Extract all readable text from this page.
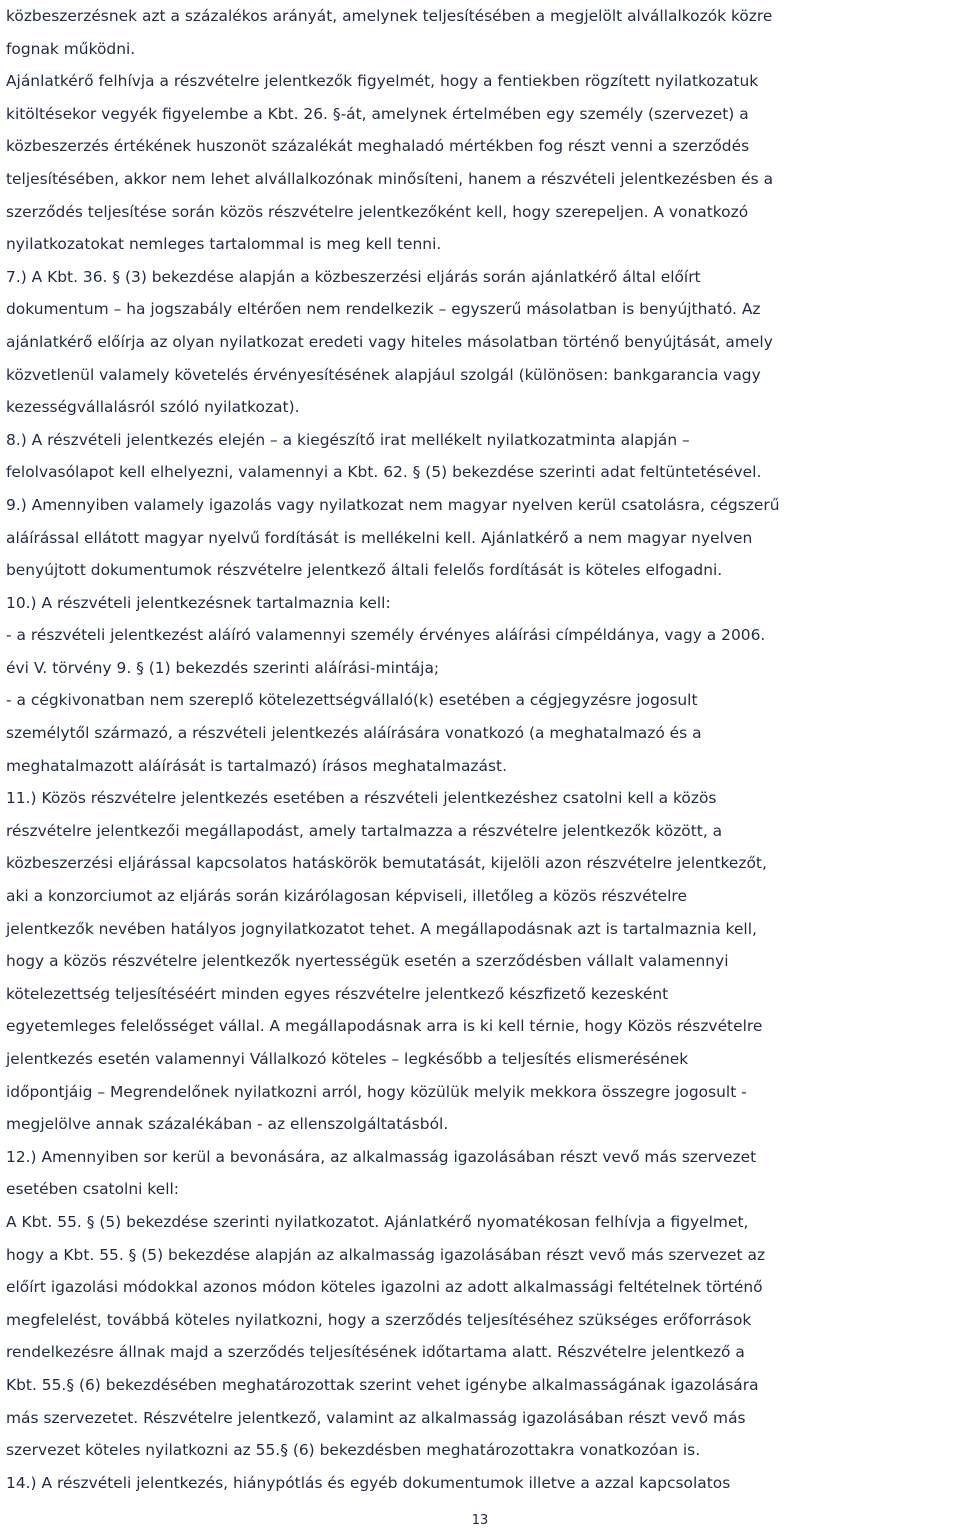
közbeszerzésnek azt a százalékos arányát, amelynek teljesítésében a megjelölt alvállalkozók közre fognak működni. Ajánlatkérő felhívja a részvételre jelentkezők figyelmét, hogy a fentiekben rögzített nyilatkozatuk kitöltésekor vegyék figyelembe a Kbt. 26. §-át, amelynek értelmében egy személy (szervezet) a közbeszerzés értékének huszonöt százalékát meghaladó mértékben fog részt venni a szerződés teljesítésében, akkor nem lehet alvállalkozónak minősíteni, hanem a részvételi jelentkezésben és a szerződés teljesítése során közös részvételre jelentkezőként kell, hogy szerepeljen. A vonatkozó nyilatkozatokat nemleges tartalommal is meg kell tenni. 7.) A Kbt. 36. § (3) bekezdése alapján a közbeszerzési eljárás során ajánlatkérő által előírt dokumentum – ha jogszabály eltérően nem rendelkezik – egyszerű másolatban is benyújtható. Az ajánlatkérő előírja az olyan nyilatkozat eredeti vagy hiteles másolatban történő benyújtását, amely közvetlenül valamely követelés érvényesítésének alapjául szolgál (különösen: bankgarancia vagy kezességvállalásról szóló nyilatkozat). 8.) A részvételi jelentkezés elején – a kiegészítő irat mellékelt nyilatkozatminta alapján – felolvasólapot kell elhelyezni, valamennyi a Kbt. 62. § (5) bekezdése szerinti adat feltüntetésével. 9.) Amennyiben valamely igazolás vagy nyilatkozat nem magyar nyelven kerül csatolásra, cégszerű aláírással ellátott magyar nyelvű fordítását is mellékelni kell. Ajánlatkérő a nem magyar nyelven benyújtott dokumentumok részvételre jelentkező általi felelős fordítását is köteles elfogadni. 10.) A részvételi jelentkezésnek tartalmaznia kell: - a részvételi jelentkezést aláíró valamennyi személy érvényes aláírási címpéldánya, vagy a 2006. évi V. törvény 9. § (1) bekezdés szerinti aláírási-mintája; - a cégkivonatban nem szereplő kötelezettségvállaló(k) esetében a cégjegyzésre jogosult személytől származó, a részvételi jelentkezés aláírására vonatkozó (a meghatalmazó és a meghatalmazott aláírását is tartalmazó) írásos meghatalmazást. 11.) Közös részvételre jelentkezés esetében a részvételi jelentkezéshez csatolni kell a közös részvételre jelentkezői megállapodást, amely tartalmazza a részvételre jelentkezők között, a közbeszerzési eljárással kapcsolatos hatáskörök bemutatását, kijelöli azon részvételre jelentkezőt, aki a konzorciumot az eljárás során kizárólagosan képviseli, illetőleg a közös részvételre jelentkezők nevében hatályos jognyilatkozatot tehet. A megállapodásnak azt is tartalmaznia kell, hogy a közös részvételre jelentkezők nyertességük esetén a szerződésben vállalt valamennyi kötelezettség teljesítéséért minden egyes részvételre jelentkező készfizető kezesként egyetemleges felelősséget vállal. A megállapodásnak arra is ki kell térnie, hogy Közös részvételre jelentkezés esetén valamennyi Vállalkozó köteles – legkésőbb a teljesítés elismerésének időpontjáig – Megrendelőnek nyilatkozni arról, hogy közülük melyik mekkora összegre jogosult - megjelölve annak százalékában - az ellenszolgáltatásból. 12.) Amennyiben sor kerül a bevonására, az alkalmasság igazolásában részt vevő más szervezet esetében csatolni kell: A Kbt. 55. § (5) bekezdése szerinti nyilatkozatot. Ajánlatkérő nyomatékosan felhívja a figyelmet, hogy a Kbt. 55. § (5) bekezdése alapján az alkalmasság igazolásában részt vevő más szervezet az előírt igazolási módokkal azonos módon köteles igazolni az adott alkalmassági feltételnek történő megfelelést, továbbá köteles nyilatkozni, hogy a szerződés teljesítéséhez szükséges erőforrások rendelkezésre állnak majd a szerződés teljesítésének időtartama alatt. Részvételre jelentkező a Kbt. 55.§ (6) bekezdésében meghatározottak szerint vehet igénybe alkalmasságának igazolására más szervezetet. Részvételre jelentkező, valamint az alkalmasság igazolásában részt vevő más szervezet köteles nyilatkozni az 55.§ (6) bekezdésben meghatározottakra vonatkozóan is. 14.) A részvételi jelentkezés, hiánypótlás és egyéb dokumentumok illetve a azzal kapcsolatos
13
